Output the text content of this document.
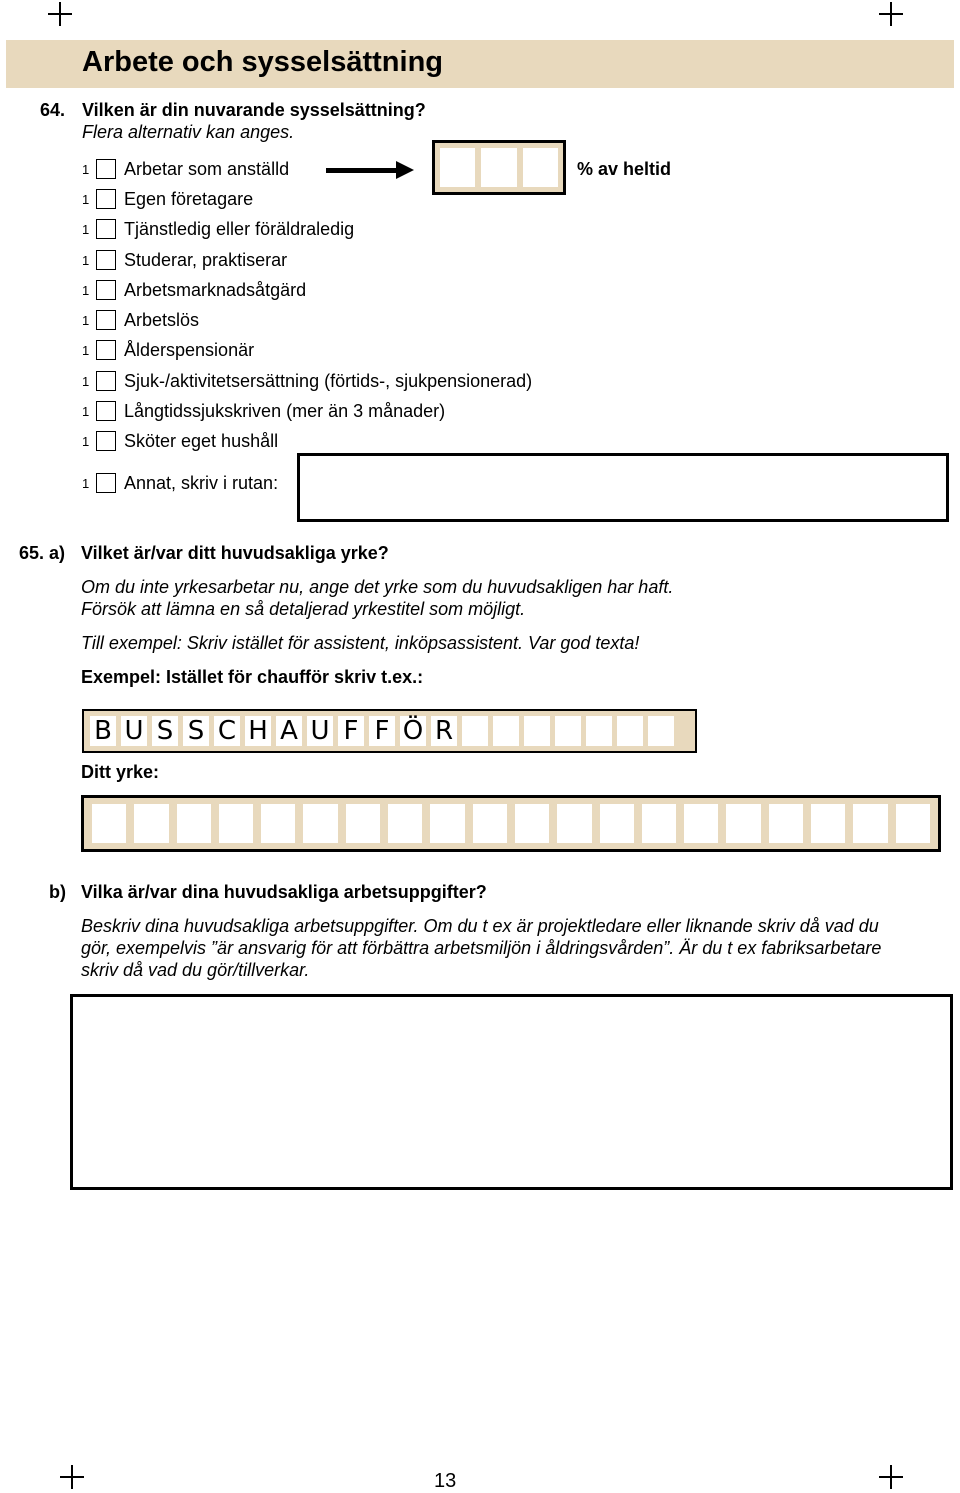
Arbete och sysselsättning
64. Vilken är din nuvarande sysselsättning?
Flera alternativ kan anges.
1	Arbetar som anställd	% av heltid
1	Egen företagare
1	Tjänstledig eller föräldraledig
1	Studerar, praktiserar
1	Arbetsmarknadsåtgärd
1	Arbetslös
1	Ålderspensionär
1	Sjuk-/aktivitetsersättning (förtids-, sjukpensionerad)
1	Långtidssjukskriven (mer än 3 månader)
1	Sköter eget hushåll
1	Annat, skriv i rutan:
65. a) Vilket är/var ditt huvudsakliga yrke?
Om du inte yrkesarbetar nu, ange det yrke som du huvudsakligen har haft.
Försök att lämna en så detaljerad yrkestitel som möjligt.
Till exempel: Skriv istället för assistent, inköpsassistent. Var god texta!
Exempel: Istället för chaufför skriv t.ex.:
B U S S C H A U F F Ö R
Ditt yrke:
b) Vilka är/var dina huvudsakliga arbetsuppgifter?
Beskriv dina huvudsakliga arbetsuppgifter. Om du t ex är projektledare eller liknande skriv då vad du
gör, exempelvis ”är ansvarig för att förbättra arbetsmiljön i åldringsvården”. Är du t ex fabriksarbetare
skriv då vad du gör/tillverkar.
13
